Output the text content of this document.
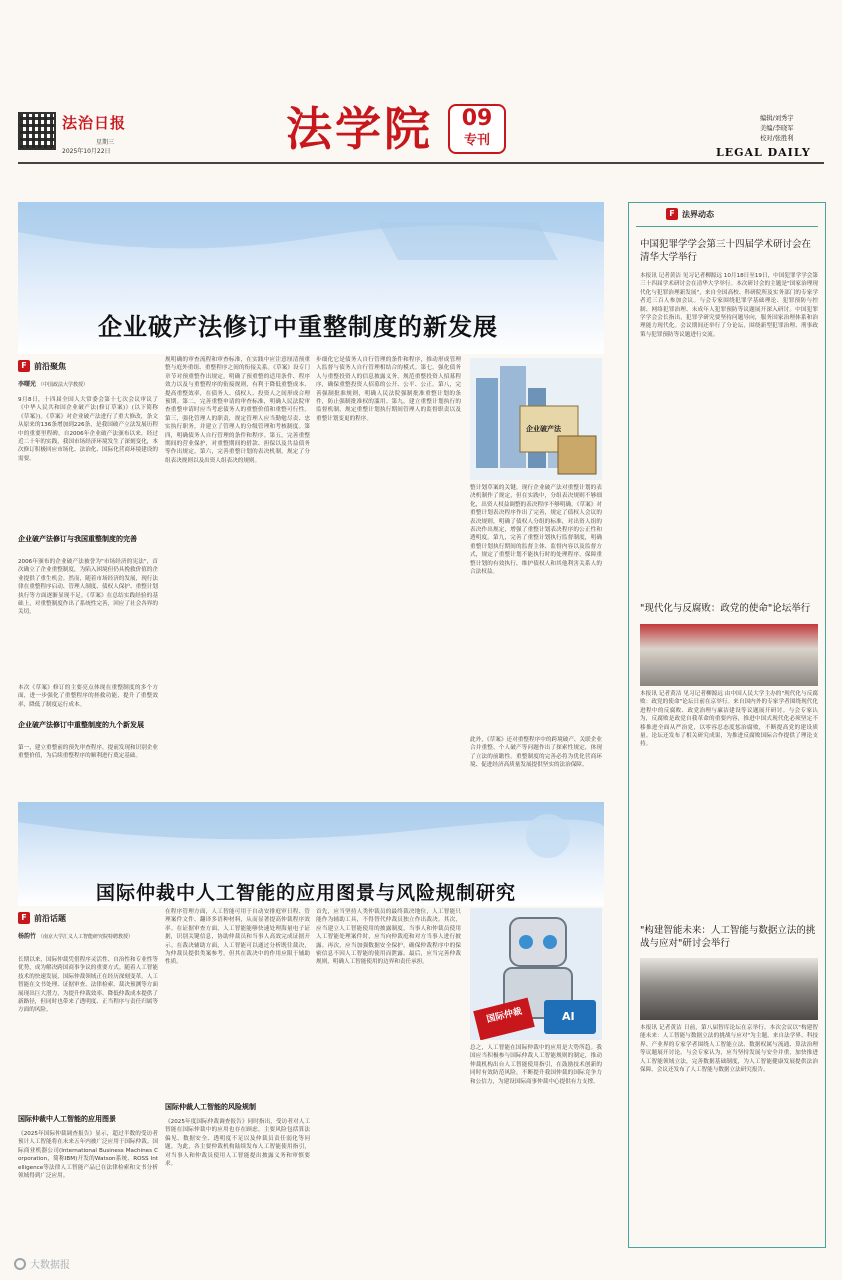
法治日报
星期三
2025年10月22日	法学院	09
专刊
编辑/刘秀宇
美编/李晓军
校对/张胜利
LEGAL DAILY
企业破产法修订中重整制度的新发展
F 前沿聚焦
李曙光 （中国政法大学教授）
9月8日，十四届全国人大常委会第十七次会议审议了《中华人民共和国企业破产法(修订草案)》(以下简称《草案》)。《草案》对企业破产法进行了重大修改，条文从原来的136条增加到226条，是我国破产立法发展历程中的重要里程碑。自2006年企业破产法颁布以来，经过近二十年的实践，我国市场经济环境发生了深刻变化，本次修订积极回应市场化、法治化、国际化营商环境建设的需要。
企业破产法修订与我国重整制度的完善
2006年颁布的企业破产法被誉为"市场经济的宪法"，首次确立了企业重整制度，为陷入困境但仍具挽救价值的企业提供了重生机会。然而，随着市场经济的发展，现行法律在重整程序启动、管理人制度、债权人保护、重整计划执行等方面逐渐显现不足。《草案》在总结实践经验的基础上，对重整制度作出了系统性完善，回应了社会各界的关切。
本次《草案》修订的主要亮点体现在重整制度的多个方面，进一步强化了重整程序的拯救功能，提升了重整效率，降低了制度运行成本。
企业破产法修订中重整制度的九个新发展
第一，建立重整前的预先审查程序，提前发现和识别企业重整价值，为后续重整程序的顺利进行奠定基础。
规明确的审查流程和审查标准，在实践中应注意厘清预重整与庭外重组、重整程序之间的衔接关系。《草案》设专门章节对预重整作出规定，明确了预重整的适用条件、程序效力以及与重整程序的衔接规则，有利于降低重整成本、提高重整效率，在债务人、债权人、投资人之间形成合理预期。第二，完善重整申请的审查标准，明确人民法院审查重整申请时应当考虑债务人的重整价值和重整可行性。第三，强化管理人的职责，规定管理人应当勤勉尽责、忠实执行职务，并建立了管理人的分级管理和考核制度。第四，明确债务人自行管理的条件和程序。第五，完善重整期间的营业保护，对重整期间的借款、担保以及共益债务等作出规定。第六，完善重整计划的表决机制，规定了分组表决规则以及出资人组表决的规则。
步细化它是债务人自行管理的条件和程序，推动形成管理人监督与债务人自行管理相结合的模式。第七，强化债务人与重整投资人的信息披露义务，规范重整投资人招募程序，确保重整投资人招募的公开、公平、公正。第八，完善强制批准规则，明确人民法院强制批准重整计划的条件，防止强制批准权的滥用。第九，建立重整计划执行的监督机制，规定重整计划执行期间管理人的监督职责以及重整计划变更的程序。
企业破产法
整计划草案的关键，现行企业破产法对重整计划的表决机制作了规定，但在实践中，分组表决规则不够细化，出资人权益调整的表决程序不够明确。《草案》对重整计划表决程序作出了完善，规定了债权人会议的表决规则，明确了债权人分组的标准，对出资人组的表决作出规定，增强了重整计划表决程序的公正性和透明度。第九，完善了重整计划执行监督制度，明确重整计划执行期间的监督主体、监督内容以及监督方式，规定了重整计划不能执行时的处理程序，保障重整计划的有效执行，维护债权人和其他利害关系人的合法权益。
此外，《草案》还对重整程序中的跨境破产、关联企业合并重整、个人破产等问题作出了探索性规定，体现了立法的前瞻性。重整制度的完善必将为优化营商环境、促进经济高质量发展提供坚实的法治保障。
国际仲裁中人工智能的应用图景与风险规制研究
F 前沿话题
杨韵竹 （南京大学汇义人工智能研究院特聘教授）
长期以来，国际仲裁凭借程序灵活性、自治性和专业性等优势，成为解决跨国商事争议的重要方式。随着人工智能技术的快速发展，国际仲裁领域正在经历深刻变革。人工智能在文书处理、证据审查、法律检索、裁决预测等方面展现出巨大潜力，为提升仲裁效率、降低仲裁成本提供了新路径，但同时也带来了透明度、正当程序与责任归属等方面的风险。
国际仲裁中人工智能的应用图景
《2025年国际仲裁调查报告》显示，超过半数的受访者预计人工智能将在未来五年内被广泛应用于国际仲裁。国际商业机器公司(International Business Machines Corporation，简称IBM)开发的Watson系统、ROSS Intelligence等法律人工智能产品已在法律检索和文书分析领域得到广泛应用。
在程序管理方面，人工智能可用于自动安排庭审日程、管理案件文件、翻译多语种材料，从而显著提高仲裁程序效率。在证据审查方面，人工智能能够快速处理海量电子证据，识别关键信息，协助仲裁员和当事人高效完成证据开示。在裁决辅助方面，人工智能可以通过分析既往裁决，为仲裁员提供类案参考，但其在裁决中的作用应限于辅助性质。
国际仲裁人工智能的风险规制
《2025年度国际仲裁调查报告》同时指出，受访者对人工智能在国际仲裁中的应用也存在顾虑。主要风险包括算法偏见、数据安全、透明度不足以及仲裁员责任弱化等问题。为此，各主要仲裁机构陆续发布人工智能使用指引，对当事人和仲裁员使用人工智能提出披露义务和审慎要求。
首先，应当坚持人类仲裁员的最终裁决地位，人工智能只能作为辅助工具，不得替代仲裁员独立作出裁决。其次，应当建立人工智能使用的披露制度，当事人和仲裁员使用人工智能处理案件时，应当向仲裁庭和对方当事人进行披露。再次，应当加强数据安全保护，确保仲裁程序中的保密信息不因人工智能的使用而泄露。最后，应当完善仲裁规则，明确人工智能使用的边界和责任承担。
国际仲裁	AI
总之，人工智能在国际仲裁中的应用是大势所趋。我国应当积极参与国际仲裁人工智能规则的制定，推动仲裁机构出台人工智能使用指引，在鼓励技术创新的同时有效防范风险，不断提升我国仲裁的国际竞争力和公信力，为建设国际商事仲裁中心提供有力支撑。
F 法界动态
中国犯罪学学会第三十四届学术研讨会在清华大学举行
本报讯 记者黄洁 见习记者柳源远 10月18日至19日，中国犯罪学学会第三十四届学术研讨会在清华大学举行。本次研讨会的主题是"国家治理现代化与犯罪治理新发展"，来自全国高校、科研院所及实务部门的专家学者近三百人参加会议。与会专家围绕犯罪学基础理论、犯罪预防与控制、网络犯罪治理、未成年人犯罪预防等议题展开深入研讨。中国犯罪学学会会长指出，犯罪学研究要坚持问题导向，服务国家治理体系和治理能力现代化。会议期间还举行了分论坛，围绕新型犯罪治理、刑事政策与犯罪预防等议题进行交流。
"现代化与反腐败：政党的使命"论坛举行
本报讯 记者黄洁 见习记者柳源远 由中国人民大学主办的"现代化与反腐败：政党的使命"论坛日前在京举行。来自国内外的专家学者围绕现代化进程中的反腐败、政党治理与廉洁建设等议题展开研讨。与会专家认为，反腐败是政党自我革命的重要内容，推进中国式现代化必须坚定不移推进全面从严治党，以零容忍态度惩治腐败，不断提高党的建设质量。论坛还发布了相关研究成果，为推进反腐败国际合作提供了理论支持。
"构建智能未来：人工智能与数据立法的挑战与应对"研讨会举行
本报讯 记者黄洁 日前，第八届智库论坛在京举行。本次会议以"构建智能未来：人工智能与数据立法的挑战与应对"为主题，来自法学界、科技界、产业界的专家学者围绕人工智能立法、数据权属与流通、算法治理等议题展开讨论。与会专家认为，应当坚持发展与安全并重，加快推进人工智能领域立法，完善数据基础制度，为人工智能健康发展提供法治保障。会议还发布了人工智能与数据立法研究报告。
大数据报
